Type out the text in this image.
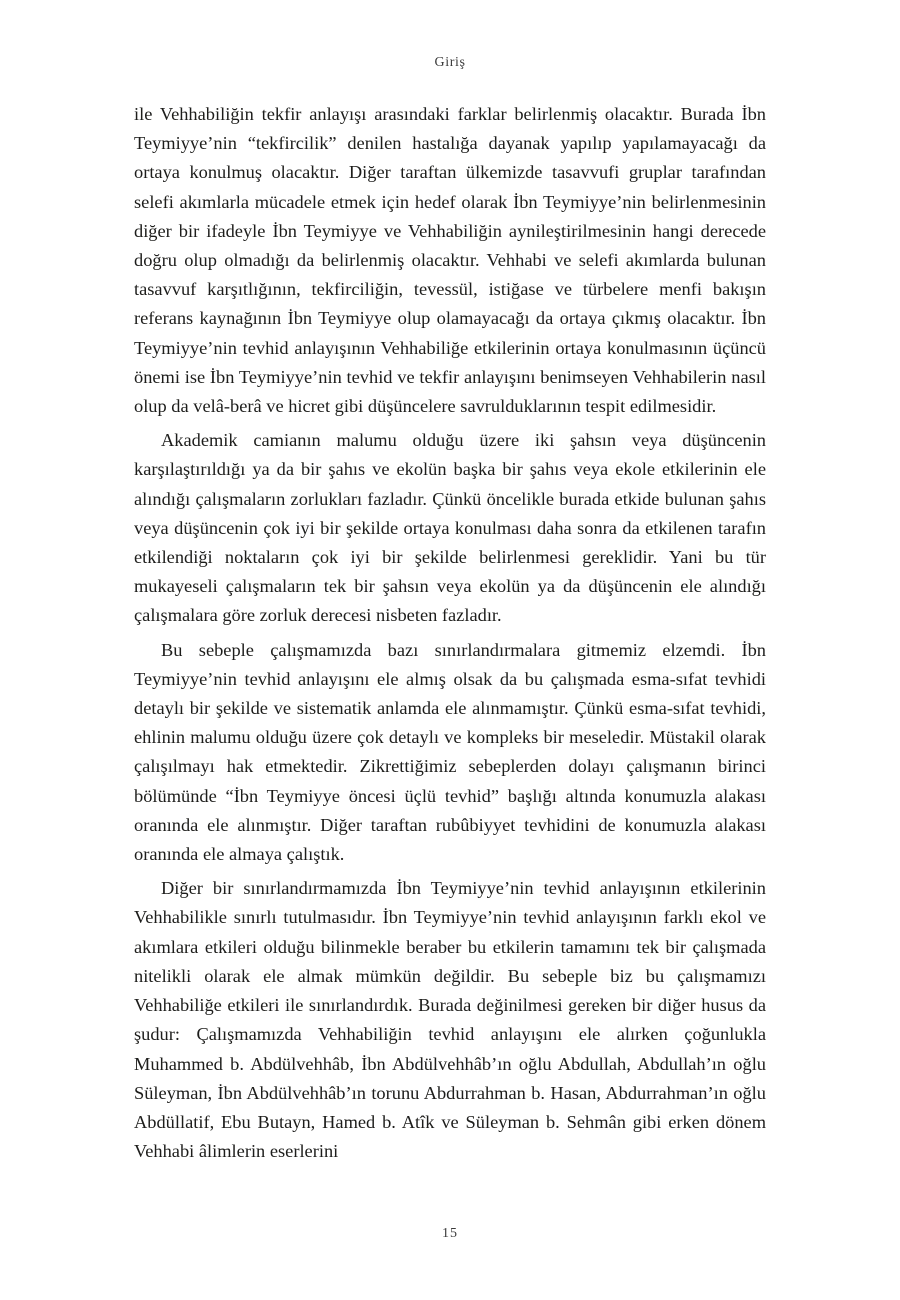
Giriş

ile Vehhabiliğin tekfir anlayışı arasındaki farklar belirlenmiş olacaktır. Burada İbn Teymiyye’nin “tekfircilik” denilen hastalığa dayanak yapılıp yapılamayacağı da ortaya konulmuş olacaktır. Diğer taraftan ülkemizde tasavvufi gruplar tarafından selefi akımlarla mücadele etmek için hedef olarak İbn Teymiyye’nin belirlenmesinin diğer bir ifadeyle İbn Teymiyye ve Vehhabiliğin aynileştirilmesinin hangi derecede doğru olup olmadığı da belirlenmiş olacaktır. Vehhabi ve selefi akımlarda bulunan tasavvuf karşıtlığının, tekfirciliğin, tevessül, istiğase ve türbelere menfi bakışın referans kaynağının İbn Teymiyye olup olamayacağı da ortaya çıkmış olacaktır. İbn Teymiyye’nin tevhid anlayışının Vehhabiliğe etkilerinin ortaya konulmasının üçüncü önemi ise İbn Teymiyye’nin tevhid ve tekfir anlayışını benimseyen Vehhabilerin nasıl olup da velâ-berâ ve hicret gibi düşüncelere savrulduklarının tespit edilmesidir.

Akademik camianın malumu olduğu üzere iki şahsın veya düşüncenin karşılaştırıldığı ya da bir şahıs ve ekolün başka bir şahıs veya ekole etkilerinin ele alındığı çalışmaların zorlukları fazladır. Çünkü öncelikle burada etkide bulunan şahıs veya düşüncenin çok iyi bir şekilde ortaya konulması daha sonra da etkilenen tarafın etkilendiği noktaların çok iyi bir şekilde belirlenmesi gereklidir. Yani bu tür mukayeseli çalışmaların tek bir şahsın veya ekolün ya da düşüncenin ele alındığı çalışmalara göre zorluk derecesi nisbeten fazladır.

Bu sebeple çalışmamızda bazı sınırlandırmalara gitmemiz elzemdi. İbn Teymiyye’nin tevhid anlayışını ele almış olsak da bu çalışmada esma-sıfat tevhidi detaylı bir şekilde ve sistematik anlamda ele alınmamıştır. Çünkü esma-sıfat tevhidi, ehlinin malumu olduğu üzere çok detaylı ve kompleks bir meseledir. Müstakil olarak çalışılmayı hak etmektedir. Zikrettiğimiz sebeplerden dolayı çalışmanın birinci bölümünde “İbn Teymiyye öncesi üçlü tevhid” başlığı altında konumuzla alakası oranında ele alınmıştır. Diğer taraftan rubûbiyyet tevhidini de konumuzla alakası oranında ele almaya çalıştık.

Diğer bir sınırlandırmamızda İbn Teymiyye’nin tevhid anlayışının etkilerinin Vehhabilikle sınırlı tutulmasıdır. İbn Teymiyye’nin tevhid anlayışının farklı ekol ve akımlara etkileri olduğu bilinmekle beraber bu etkilerin tamamını tek bir çalışmada nitelikli olarak ele almak mümkün değildir. Bu sebeple biz bu çalışmamızı Vehhabiliğe etkileri ile sınırlandırdık. Burada değinilmesi gereken bir diğer husus da şudur: Çalışmamızda Vehhabiliğin tevhid anlayışını ele alırken çoğunlukla Muhammed b. Abdülvehhâb, İbn Abdülvehhâb’ın oğlu Abdullah, Abdullah’ın oğlu Süleyman, İbn Abdülvehhâb’ın torunu Abdurrahman b. Hasan, Abdurrahman’ın oğlu Abdüllatif, Ebu Butayn, Hamed b. Atîk ve Süleyman b. Sehmân gibi erken dönem Vehhabi âlimlerin eserlerini

15
